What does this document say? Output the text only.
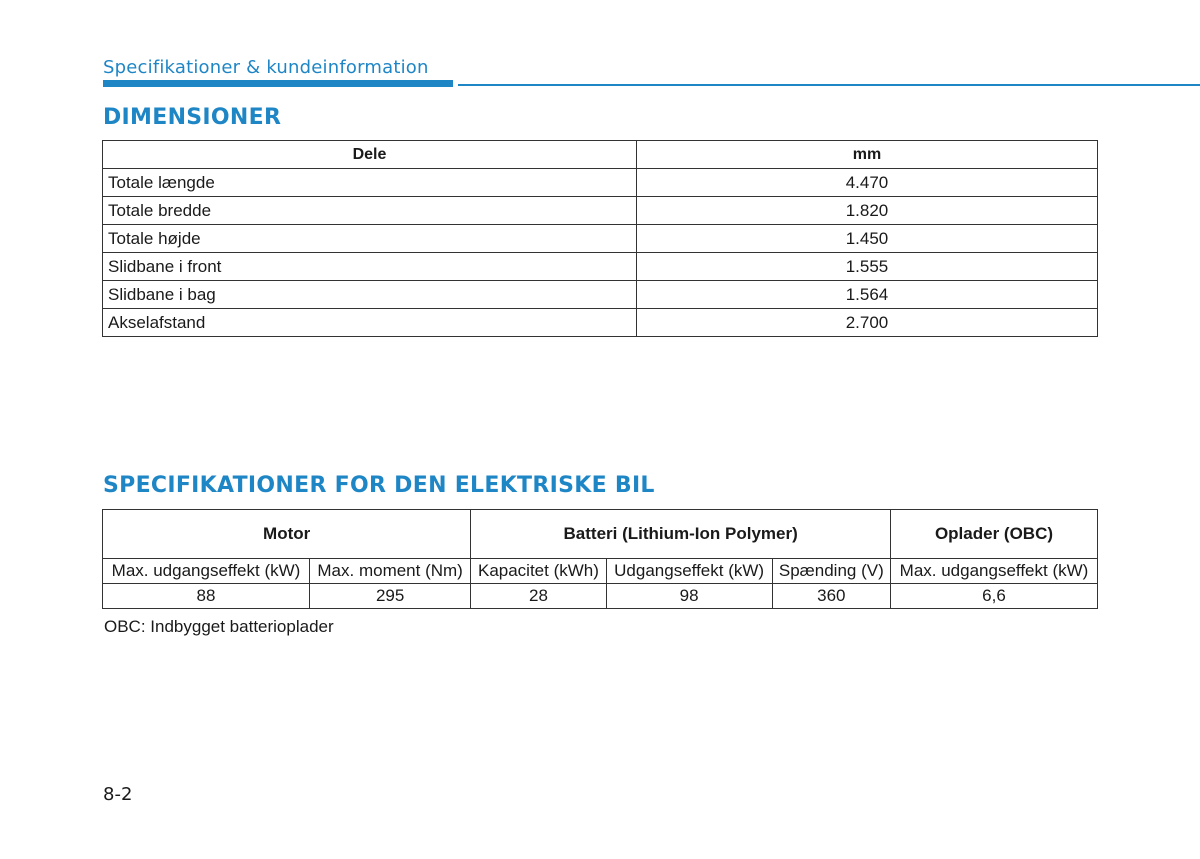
Specifikationer & kundeinformation
DIMENSIONER
Dele	mm
Totale længde	4.470
Totale bredde	1.820
Totale højde	1.450
Slidbane i front	1.555
Slidbane i bag	1.564
Akselafstand	2.700
SPECIFIKATIONER FOR DEN ELEKTRISKE BIL
Motor		Batteri (Lithium-Ion Polymer)			Oplader (OBC)
Max. udgangseffekt (kW)	Max. moment (Nm)	Kapacitet (kWh)	Udgangseffekt (kW)	Spænding (V)	Max. udgangseffekt (kW)
88	295	28	98	360	6,6
OBC: Indbygget batterioplader
8-2
